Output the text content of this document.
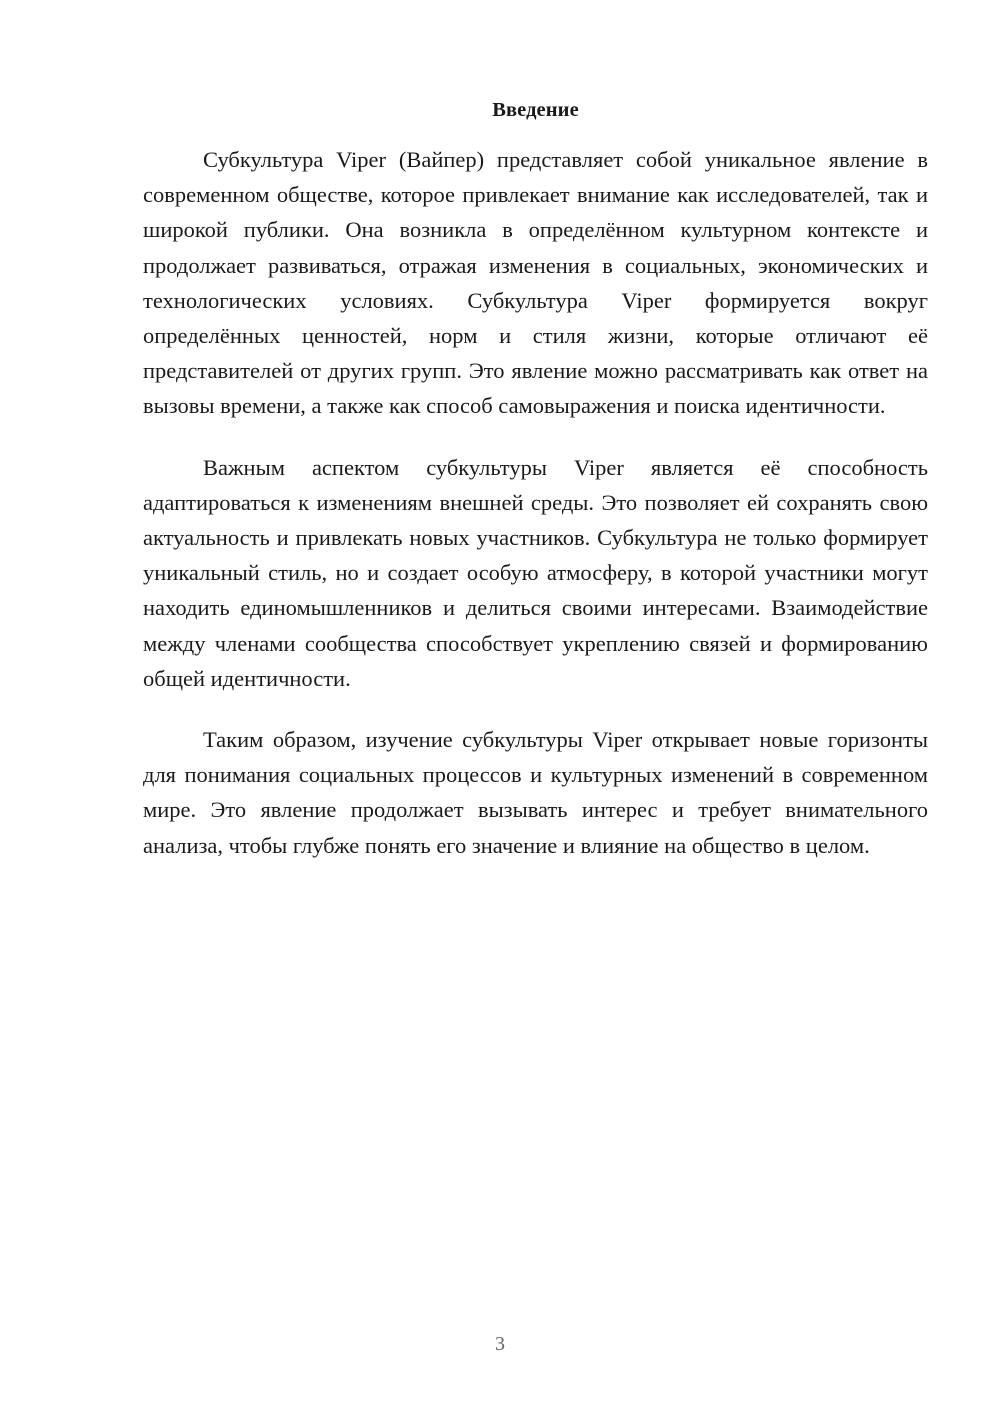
Введение

Субкультура Viper (Вайпер) представляет собой уникальное явление в современном обществе, которое привлекает внимание как исследователей, так и широкой публики. Она возникла в определённом культурном контексте и продолжает развиваться, отражая изменения в социальных, экономических и технологических условиях. Субкультура Viper формируется вокруг определённых ценностей, норм и стиля жизни, которые отличают её представителей от других групп. Это явление можно рассматривать как ответ на вызовы времени, а также как способ самовыражения и поиска идентичности.

Важным аспектом субкультуры Viper является её способность адаптироваться к изменениям внешней среды. Это позволяет ей сохранять свою актуальность и привлекать новых участников. Субкультура не только формирует уникальный стиль, но и создает особую атмосферу, в которой участники могут находить единомышленников и делиться своими интересами. Взаимодействие между членами сообщества способствует укреплению связей и формированию общей идентичности.

Таким образом, изучение субкультуры Viper открывает новые горизонты для понимания социальных процессов и культурных изменений в современном мире. Это явление продолжает вызывать интерес и требует внимательного анализа, чтобы глубже понять его значение и влияние на общество в целом.

3
